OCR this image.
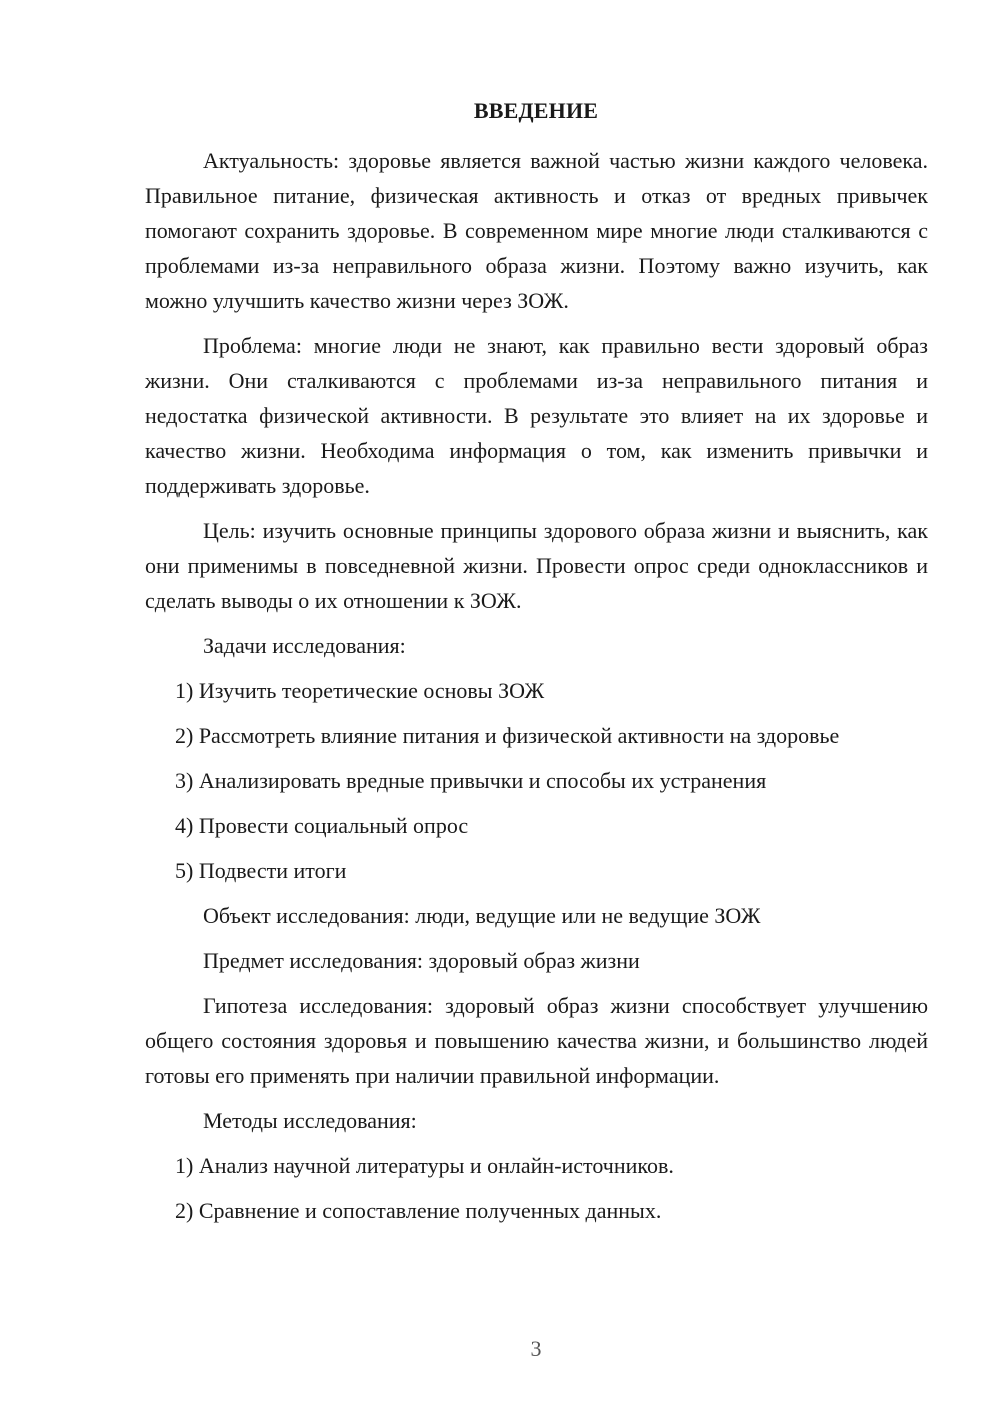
ВВЕДЕНИЕ

Актуальность: здоровье является важной частью жизни каждого человека. Правильное питание, физическая активность и отказ от вредных привычек помогают сохранить здоровье. В современном мире многие люди сталкиваются с проблемами из-за неправильного образа жизни. Поэтому важно изучить, как можно улучшить качество жизни через ЗОЖ.

Проблема: многие люди не знают, как правильно вести здоровый образ жизни. Они сталкиваются с проблемами из-за неправильного питания и недостатка физической активности. В результате это влияет на их здоровье и качество жизни. Необходима информация о том, как изменить привычки и поддерживать здоровье.

Цель: изучить основные принципы здорового образа жизни и выяснить, как они применимы в повседневной жизни. Провести опрос среди одноклассников и сделать выводы о их отношении к ЗОЖ.

Задачи исследования:

1) Изучить теоретические основы ЗОЖ

2) Рассмотреть влияние питания и физической активности на здоровье

3) Анализировать вредные привычки и способы их устранения

4) Провести социальный опрос

5) Подвести итоги

Объект исследования: люди, ведущие или не ведущие ЗОЖ

Предмет исследования: здоровый образ жизни

Гипотеза исследования: здоровый образ жизни способствует улучшению общего состояния здоровья и повышению качества жизни, и большинство людей готовы его применять при наличии правильной информации.

Методы исследования:

1) Анализ научной литературы и онлайн-источников.

2) Сравнение и сопоставление полученных данных.

3
